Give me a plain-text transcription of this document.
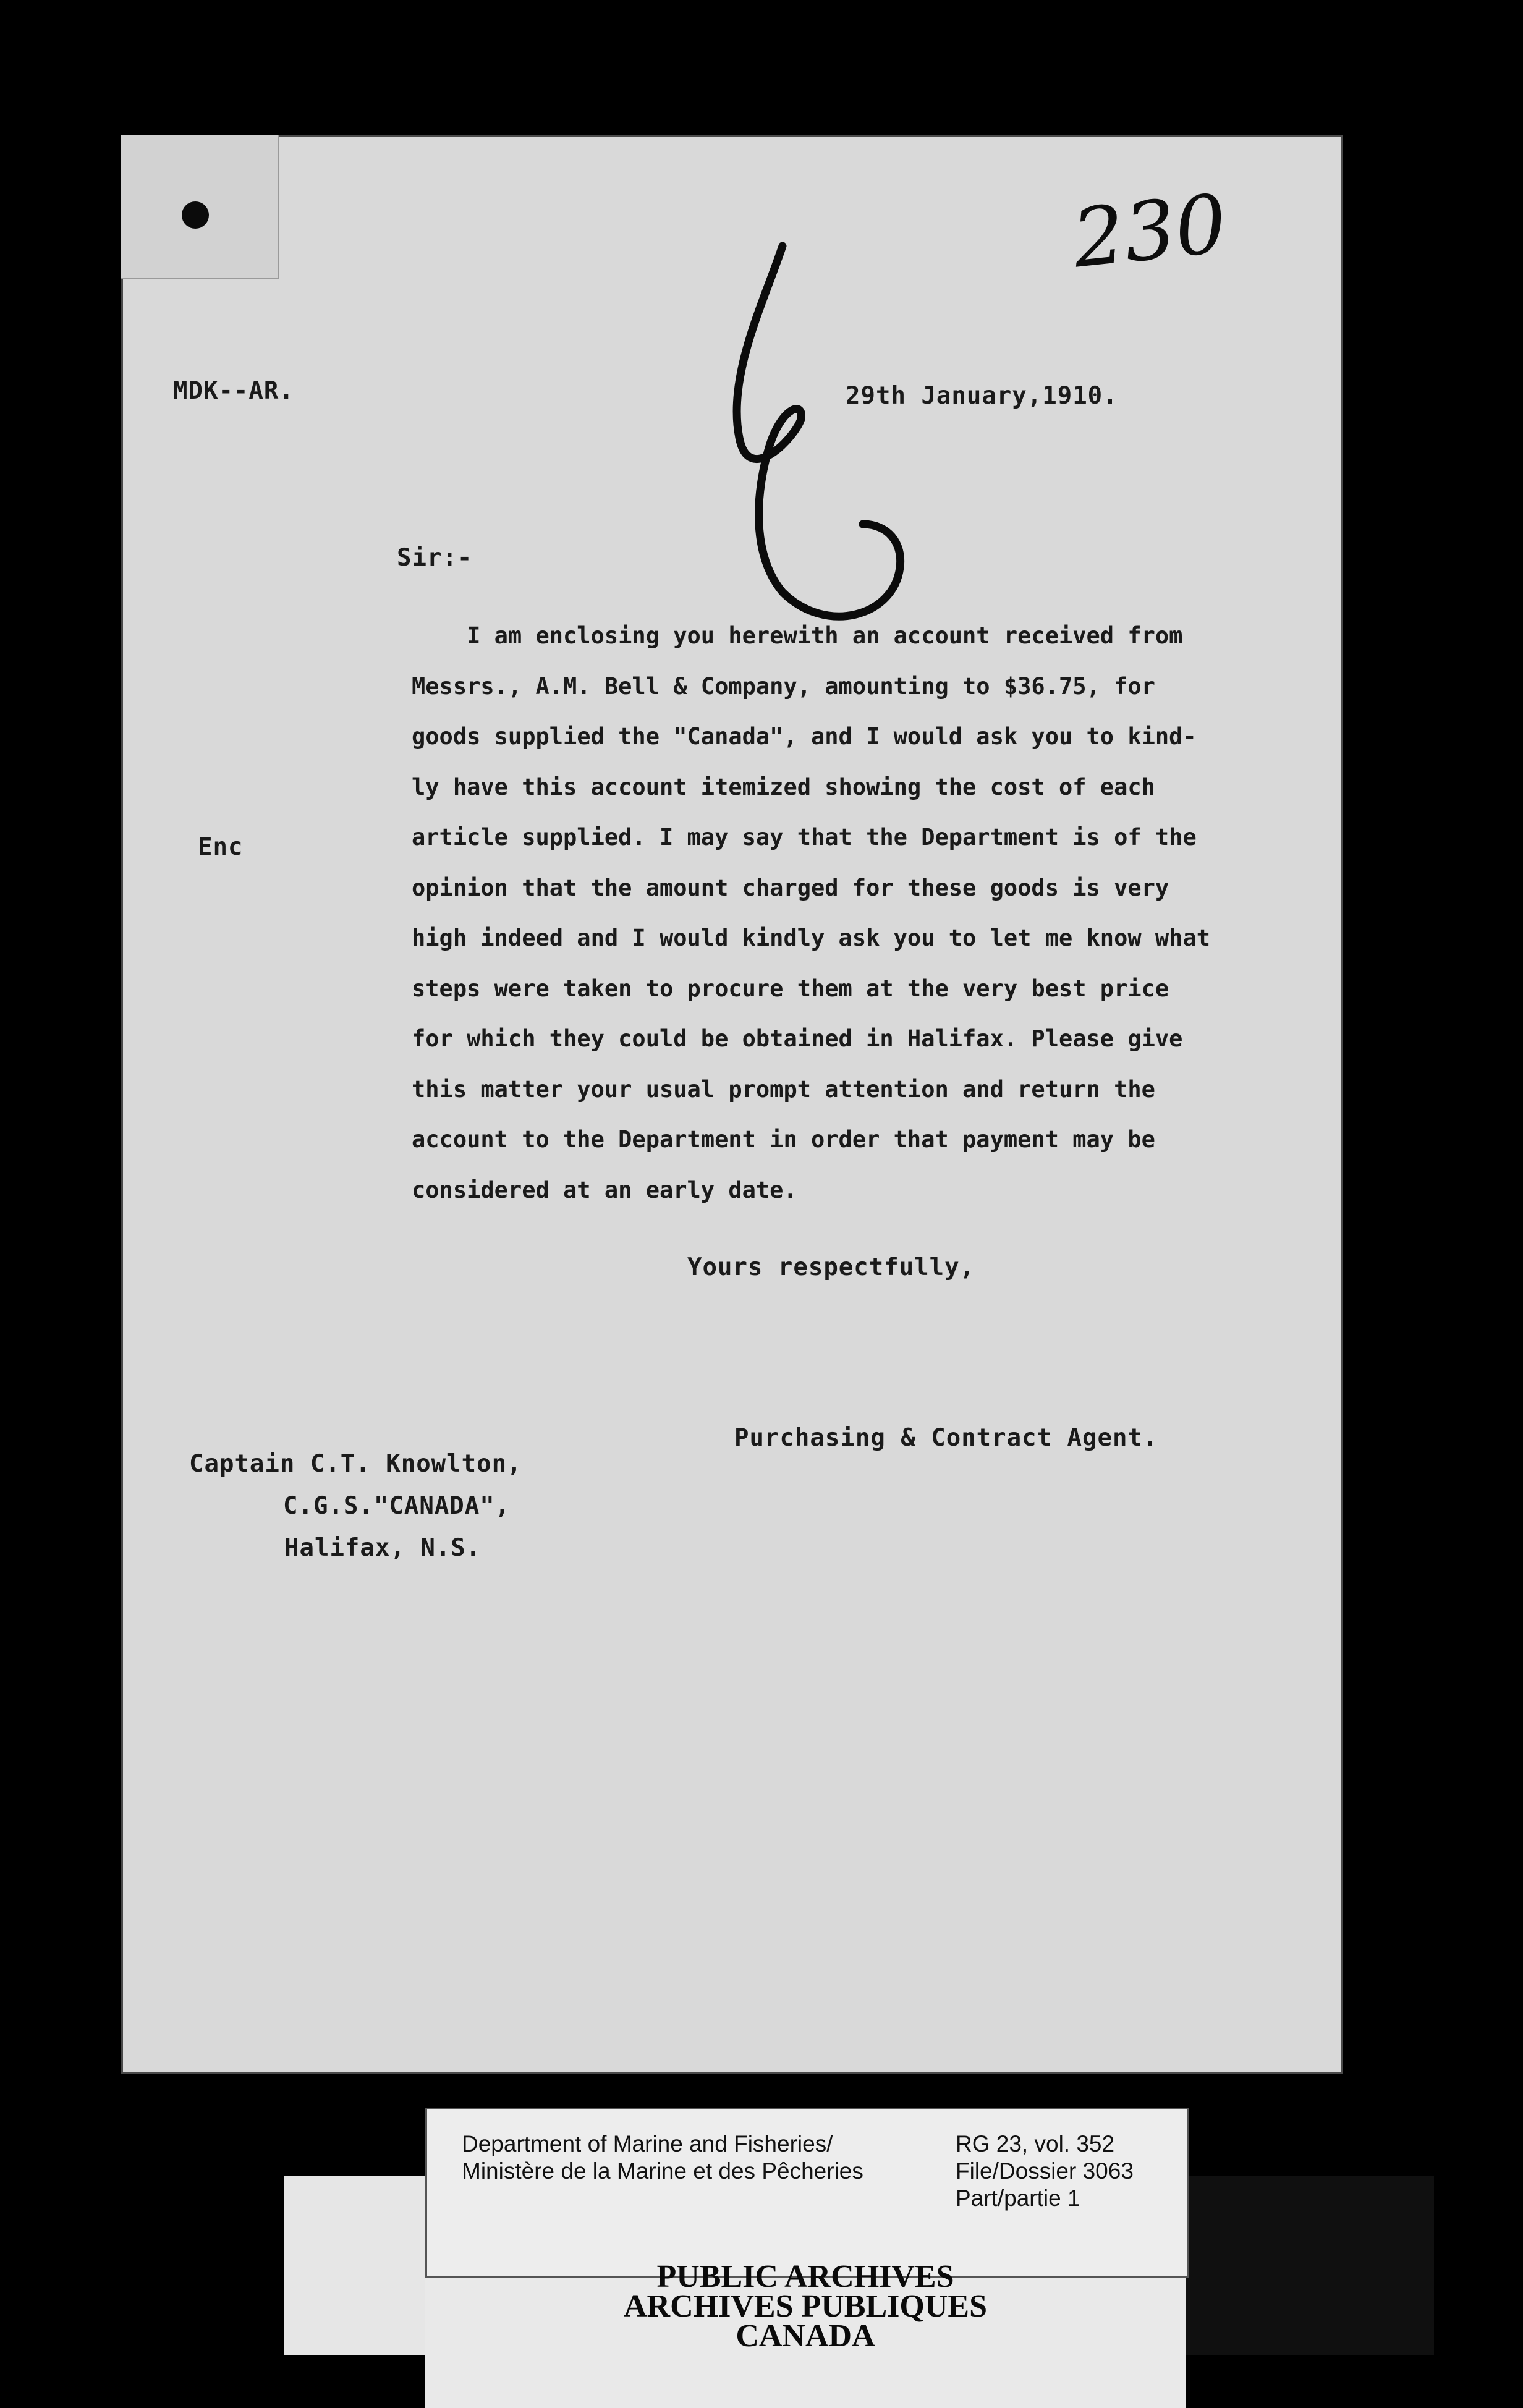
230
MDK--AR.	29th January,1910.
Sir:-
Enc
I am enclosing you herewith an account received from
Messrs., A.M. Bell & Company, amounting to $36.75, for
goods supplied the "Canada", and I would ask you to kind-
ly have this account itemized showing the cost of each
article supplied. I may say that the Department is of the
opinion that the amount charged for these goods is very
high indeed and I would kindly ask you to let me know what
steps were taken to procure them at the very best price
for which they could be obtained in Halifax. Please give
this matter your usual prompt attention and return the
account to the Department in order that payment may be
considered at an early date.
Yours respectfully,
Purchasing & Contract Agent.
Captain C.T. Knowlton,
C.G.S."CANADA",
Halifax, N.S.
Department of Marine and Fisheries/
Ministère de la Marine et des Pêcheries
RG 23, vol. 352
File/Dossier 3063
Part/partie 1
PUBLIC ARCHIVES
ARCHIVES PUBLIQUES
CANADA
